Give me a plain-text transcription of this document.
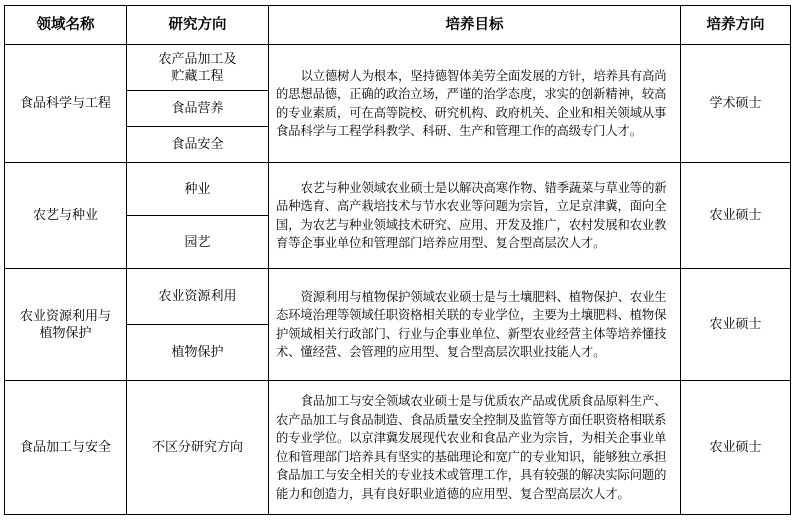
领域名称	研究方向	培养目标	培养方向
食品科学与工程	农产品加工及贮藏工程	以立德树人为根本，坚持德智体美劳全面发展的方针，培养具有高尚的思想品德，正确的政治立场，严谨的治学态度，求实的创新精神，较高的专业素质，可在高等院校、研究机构、政府机关、企业和相关领域从事食品科学与工程学科教学、科研、生产和管理工作的高级专门人才。	学术硕士
	食品营养		
	食品安全		
农艺与种业	种业	农艺与种业领域农业硕士是以解决高寒作物、错季蔬菜与草业等的新品种选育、高产栽培技术与节水农业等问题为宗旨，立足京津冀，面向全国，为农艺与种业领域技术研究、应用、开发及推广，农村发展和农业教育等企事业单位和管理部门培养应用型、复合型高层次人才。	农业硕士
	园艺		
农业资源利用与植物保护	农业资源利用	资源利用与植物保护领域农业硕士是与土壤肥料、植物保护、农业生态环境治理等领域任职资格相关联的专业学位，主要为土壤肥料、植物保护领域相关行政部门、行业与企事业单位、新型农业经营主体等培养懂技术、懂经营、会管理的应用型、复合型高层次职业技能人才。	农业硕士
	植物保护		
食品加工与安全	不区分研究方向	食品加工与安全领域农业硕士是与优质农产品或优质食品原料生产、农产品加工与食品制造、食品质量安全控制及监管等方面任职资格相联系的专业学位。以京津冀发展现代农业和食品产业为宗旨，为相关企事业单位和管理部门培养具有坚实的基础理论和宽广的专业知识，能够独立承担食品加工与安全相关的专业技术或管理工作，具有较强的解决实际问题的能力和创造力，具有良好职业道德的应用型、复合型高层次人才。	农业硕士
